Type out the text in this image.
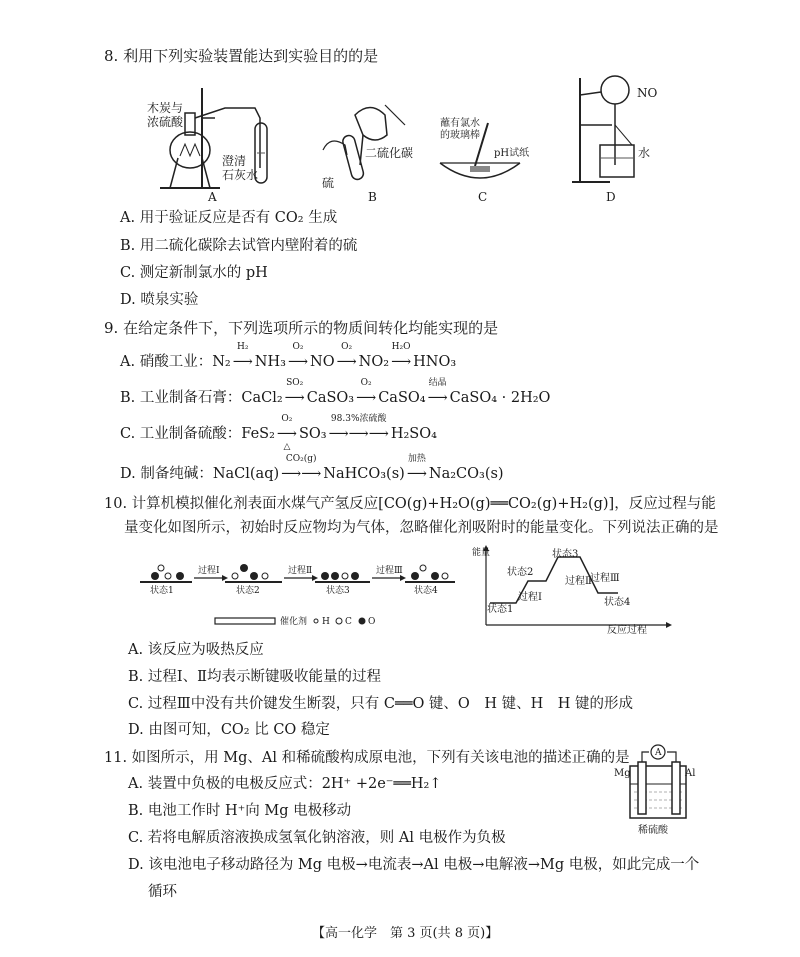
8. 利用下列实验装置能达到实验目的的是
木炭与
浓硫酸
澄清
石灰水
A
二硫化碳
硫
B
蘸有氯水
的玻璃棒
pH试纸
C
NO
水
D
A. 用于验证反应是否有 CO₂ 生成
B. 用二硫化碳除去试管内壁附着的硫
C. 测定新制氯水的 pH
D. 喷泉实验
9. 在给定条件下，下列选项所示的物质间转化均能实现的是
A. 硝酸工业：N₂
H₂
⟶ NH₃
O₂
⟶ NO
O₂
⟶ NO₂
H₂O
⟶ HNO₃
B. 工业制备石膏：CaCl₂
SO₂
⟶ CaSO₃
O₂
⟶ CaSO₄
结晶
⟶ CaSO₄ · 2H₂O
C. 工业制备硫酸：FeS₂
O₂
⟶
△
SO₃
98.3%浓硫酸
⟶⟶⟶ H₂SO₄
D. 制备纯碱：NaCl(aq)
CO₂(g)
⟶⟶ NaHCO₃(s)
加热
⟶ Na₂CO₃(s)
10. 计算机模拟催化剂表面水煤气产氢反应[CO(g)+H₂O(g)══CO₂(g)+H₂(g)]，反应过程与能
量变化如图所示，初始时反应物均为气体，忽略催化剂吸附时的能量变化。下列说法正确的是
状态1	状态2	状态3	状态4
过程Ⅰ	过程Ⅱ	过程Ⅲ
催化剂 H C O
能量
反应过程
状态1
状态2
状态3
状态4
过程Ⅰ
过程Ⅱ
过程Ⅲ
A. 该反应为吸热反应
B. 过程Ⅰ、Ⅱ均表示断键吸收能量的过程
C. 过程Ⅲ中没有共价键发生断裂，只有 C══O 键、O　H 键、H　H 键的形成
D. 由图可知，CO₂ 比 CO 稳定
11. 如图所示，用 Mg、Al 和稀硫酸构成原电池，下列有关该电池的描述正确的是	A
Mg	Al
稀硫酸
A. 装置中负极的电极反应式：2H⁺ +2e⁻══H₂↑
B. 电池工作时 H⁺向 Mg 电极移动
C. 若将电解质溶液换成氢氧化钠溶液，则 Al 电极作为负极
D. 该电池电子移动路径为 Mg 电极→电流表→Al 电极→电解液→Mg 电极，如此完成一个
循环
【高一化学　第 3 页(共 8 页)】
